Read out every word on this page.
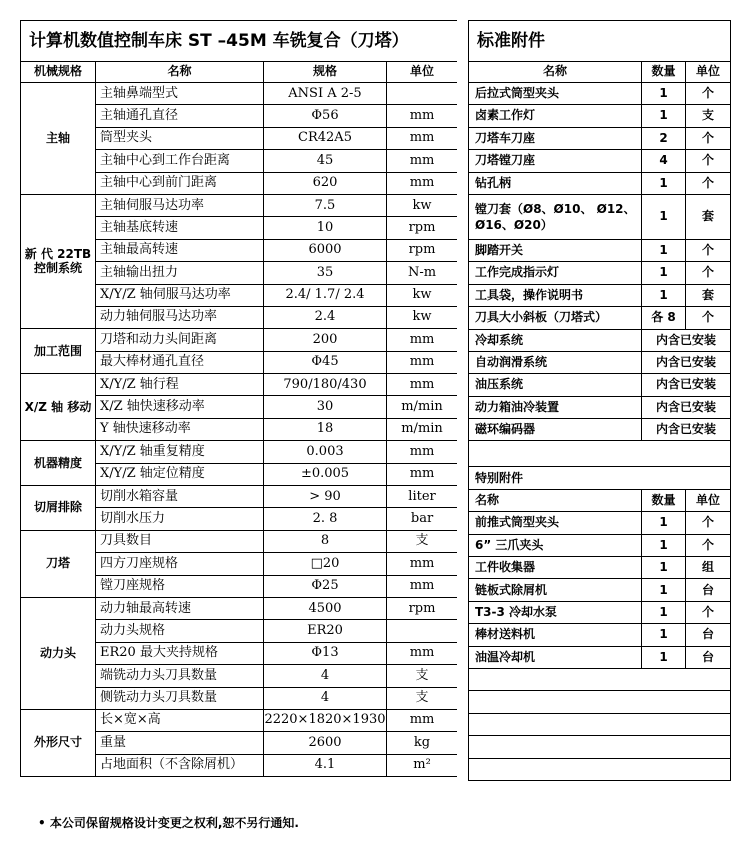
计算机数值控制车床 ST –45M 车铣复合（刀塔）			
机械规格	名称	规格	单位
主轴	主轴鼻端型式	ANSI A 2-5	
	主轴通孔直径	Φ56	mm
	筒型夹头	CR42A5	mm
	主轴中心到工作台距离	45	mm
	主轴中心到前门距离	620	mm
新 代 22TB 控制系统	主轴伺服马达功率	7.5	kw
	主轴基底转速	10	rpm
	主轴最高转速	6000	rpm
	主轴输出扭力	35	N-m
	X/Y/Z 轴伺服马达功率	2.4/ 1.7/ 2.4	kw
	动力轴伺服马达功率	2.4	kw
加工范围	刀塔和动力头间距离	200	mm
	最大棒材通孔直径	Φ45	mm
X/Z 轴 移动	X/Y/Z 轴行程	790/180/430	mm
	X/Z 轴快速移动率	30	m/min
	Y 轴快速移动率	18	m/min
机器精度	X/Y/Z 轴重复精度	0.003	mm
	X/Y/Z 轴定位精度	±0.005	mm
切屑排除	切削水箱容量	> 90	liter
	切削水压力	2. 8	bar
刀塔	刀具数目	8	支
	四方刀座规格	□20	mm
	镗刀座规格	Φ25	mm
动力头	动力轴最高转速	4500	rpm
	动力头规格	ER20	
	ER20 最大夹持规格	Φ13	mm
	端铣动力头刀具数量	4	支
	侧铣动力头刀具数量	4	支
外形尺寸	长×宽×高	2220×1820×1930	mm
	重量	2600	kg
	占地面积（不含除屑机）	4.1	m²
标准附件		
名称	数量	单位
后拉式筒型夹头	1	个
卤素工作灯	1	支
刀塔车刀座	2	个
刀塔镗刀座	4	个
钻孔柄	1	个
镗刀套（Ø8、Ø10、 Ø12、Ø16、Ø20）	1	套
脚踏开关	1	个
工作完成指示灯	1	个
工具袋，操作说明书	1	套
刀具大小斜板（刀塔式）	各 8	个
冷却系统	内含已安装	
自动润滑系统	内含已安装	
油压系统	内含已安装	
动力箱油冷装置	内含已安装	
磁环编码器	内含已安装	

特别附件		
名称	数量	单位
前推式筒型夹头	1	个
6” 三爪夹头	1	个
工件收集器	1	组
链板式除屑机	1	台
T3-3 冷却水泵	1	个
棒材送料机	1	台
油温冷却机	1	台

• 本公司保留规格设计变更之权利,恕不另行通知.
